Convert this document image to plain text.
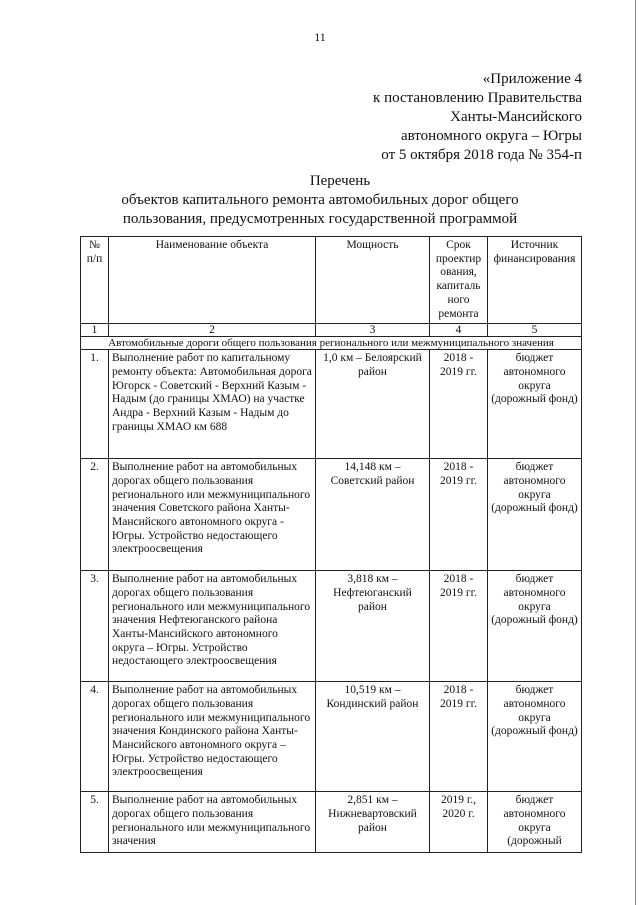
11
«Приложение 4
к постановлению Правительства
Ханты-Мансийского
автономного округа – Югры
от 5 октября 2018 года № 354-п
Перечень
объектов капитального ремонта автомобильных дорог общего
пользования, предусмотренных государственной программой
№ п/п	Наименование объекта	Мощность	Срок проектир ования, капиталь ного ремонта	Источник финансирования
1	2	3	4	5
Автомобильные дороги общего пользования регионального или межмуниципального значения				
1.	Выполнение работ по капитальному ремонту объекта: Автомобильная дорога Югорск - Советский - Верхний Казым - Надым (до границы ХМАО) на участке Андра - Верхний Казым - Надым до границы ХМАО км 688	1,0 км – Белоярский район	2018 - 2019 гг.	бюджет автономного округа (дорожный фонд)
2.	Выполнение работ на автомобильных дорогах общего пользования регионального или межмуниципального значения Советского района Ханты-Мансийского автономного округа - Югры. Устройство недостающего электроосвещения	14,148 км – Советский район	2018 - 2019 гг.	бюджет автономного округа (дорожный фонд)
3.	Выполнение работ на автомобильных дорогах общего пользования регионального или межмуниципального значения Нефтеюганского района Ханты-Мансийского автономного округа – Югры. Устройство недостающего электроосвещения	3,818 км – Нефтеюганский район	2018 - 2019 гг.	бюджет автономного округа (дорожный фонд)
4.	Выполнение работ на автомобильных дорогах общего пользования регионального или межмуниципального значения Кондинского района Ханты-Мансийского автономного округа – Югры. Устройство недостающего электроосвещения	10,519 км – Кондинский район	2018 - 2019 гг.	бюджет автономного округа (дорожный фонд)
5.	Выполнение работ на автомобильных дорогах общего пользования регионального или межмуниципального значения	2,851 км – Нижневартовский район	2019 г., 2020 г.	бюджет автономного округа (дорожный
